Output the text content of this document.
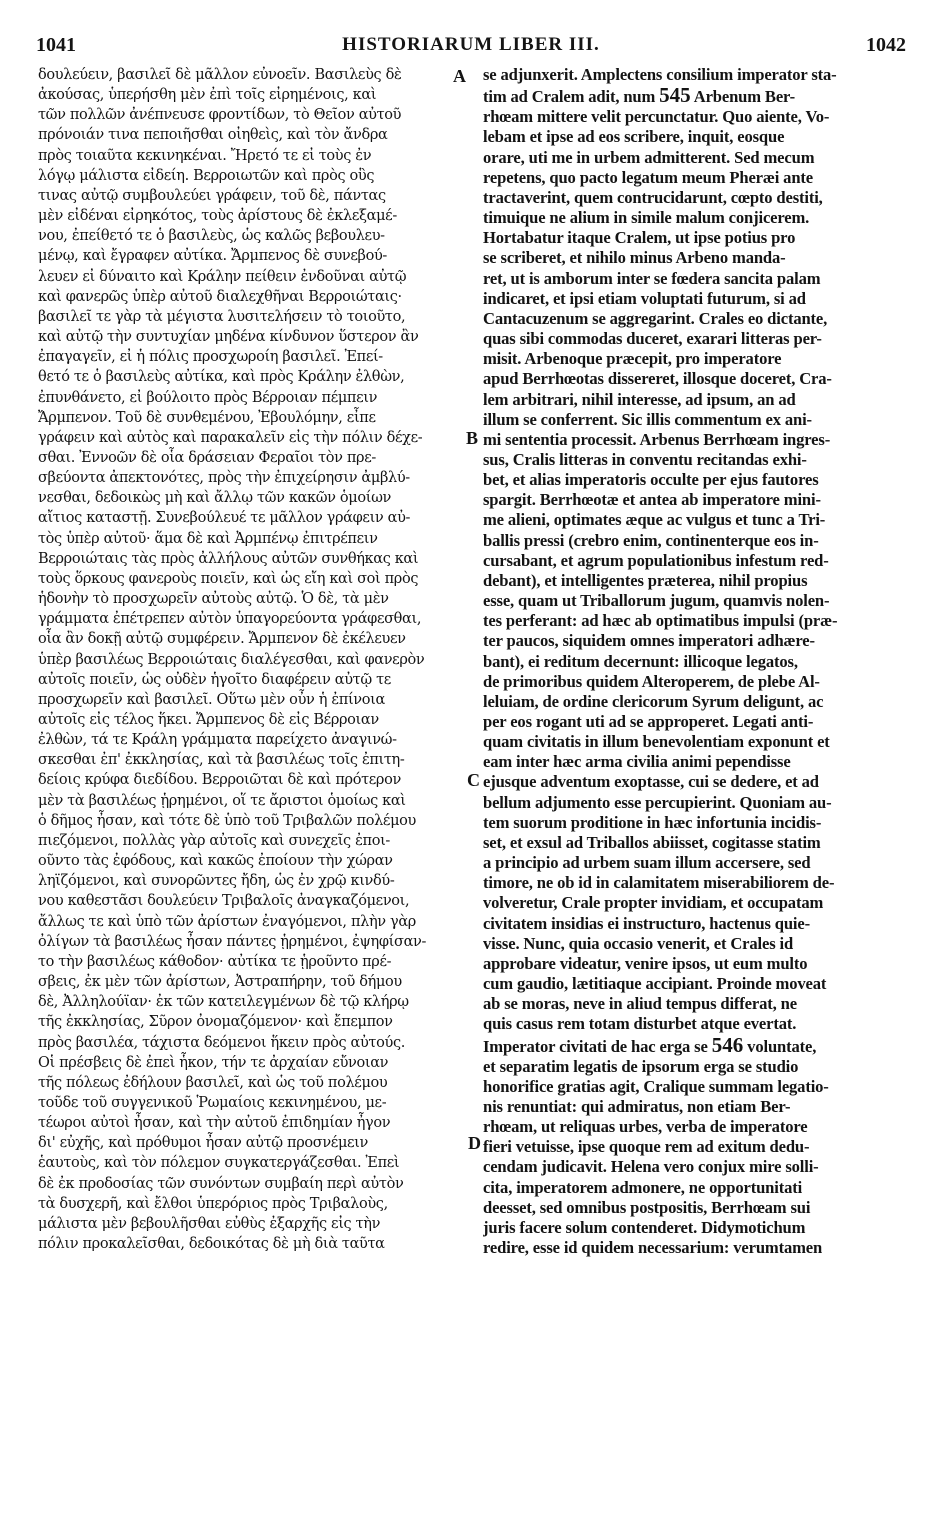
1041	HISTORIARUM LIBER III.	1042
δουλεύειν, βασιλεῖ δὲ μᾶλλον εὐνοεῖν. Βασιλεὺς δὲ
ἀκούσας, ὑπερήσθη μὲν ἐπὶ τοῖς εἰρημένοις, καὶ
τῶν πολλῶν ἀνέπνευσε φροντίδων, τὸ Θεῖον αὐτοῦ
πρόνοιάν τινα πεποιῆσθαι οἰηθεὶς, καὶ τὸν ἄνδρα
πρὸς τοιαῦτα κεκινηκέναι. Ἤρετό τε εἰ τοὺς ἐν
λόγῳ μάλιστα εἰδείη. Βερροιωτῶν καὶ πρὸς οὓς
τινας αὐτῷ συμβουλεύει γράφειν, τοῦ δὲ, πάντας
μὲν εἰδέναι εἰρηκότος, τοὺς ἀρίστους δὲ ἐκλεξαμέ-
νου, ἐπείθετό τε ὁ βασιλεὺς, ὡς καλῶς βεβουλευ-
μένῳ, καὶ ἔγραφεν αὐτίκα. Ἄρμπενος δὲ συνεβού-
λευεν εἰ δύναιτο καὶ Κράλην πείθειν ἐνδοῦναι αὐτῷ
καὶ φανερῶς ὑπὲρ αὐτοῦ διαλεχθῆναι Βερροιώταις·
βασιλεῖ τε γὰρ τὰ μέγιστα λυσιτελήσειν τὸ τοιοῦτο,
καὶ αὐτῷ τὴν συντυχίαν μηδένα κίνδυνον ὕστερον ἂν
ἐπαγαγεῖν, εἰ ἡ πόλις προσχωροίη βασιλεῖ. Ἐπεί-
θετό τε ὁ βασιλεὺς αὐτίκα, καὶ πρὸς Κράλην ἐλθὼν,
ἐπυνθάνετο, εἰ βούλοιτο πρὸς Βέρροιαν πέμπειν
Ἄρμπενον. Τοῦ δὲ συνθεμένου, Ἐβουλόμην, εἶπε
γράφειν καὶ αὐτὸς καὶ παρακαλεῖν εἰς τὴν πόλιν δέχε-
σθαι. Ἐννοῶν δὲ οἷα δράσειαν Φεραῖοι τὸν πρε-
σβεύοντα ἀπεκτονότες, πρὸς τὴν ἐπιχείρησιν ἀμβλύ-
νεσθαι, δεδοικὼς μὴ καὶ ἄλλῳ τῶν κακῶν ὁμοίων
αἴτιος καταστῇ. Συνεβούλευέ τε μᾶλλον γράφειν αὐ-
τὸς ὑπὲρ αὐτοῦ· ἅμα δὲ καὶ Ἀρμπένῳ ἐπιτρέπειν
Βερροιώταις τὰς πρὸς ἀλλήλους αὐτῶν συνθήκας καὶ
τοὺς ὅρκους φανεροὺς ποιεῖν, καὶ ὡς εἴη καὶ σοὶ πρὸς
ἡδονὴν τὸ προσχωρεῖν αὐτοὺς αὐτῷ. Ὁ δὲ, τὰ μὲν
γράμματα ἐπέτρεπεν αὐτὸν ὑπαγορεύοντα γράφεσθαι,
οἷα ἂν δοκῇ αὐτῷ συμφέρειν. Ἄρμπενον δὲ ἐκέλευεν
ὑπὲρ βασιλέως Βερροιώταις διαλέγεσθαι, καὶ φανερὸν
αὐτοῖς ποιεῖν, ὡς οὐδὲν ἡγοῖτο διαφέρειν αὐτῷ τε
προσχωρεῖν καὶ βασιλεῖ. Οὕτω μὲν οὖν ἡ ἐπίνοια
αὐτοῖς εἰς τέλος ἥκει. Ἄρμπενος δὲ εἰς Βέρροιαν
ἐλθὼν, τά τε Κράλη γράμματα παρείχετο ἀναγινώ-
σκεσθαι ἐπ' ἐκκλησίας, καὶ τὰ βασιλέως τοῖς ἐπιτη-
δείοις κρύφα διεδίδου. Βερροιῶται δὲ καὶ πρότερον
μὲν τὰ βασιλέως ᾑρημένοι, οἵ τε ἄριστοι ὁμοίως καὶ
ὁ δῆμος ἦσαν, καὶ τότε δὲ ὑπὸ τοῦ Τριβαλῶν πολέμου
πιεζόμενοι, πολλὰς γὰρ αὐτοῖς καὶ συνεχεῖς ἐποι-
οῦντο τὰς ἐφόδους, καὶ κακῶς ἐποίουν τὴν χώραν
ληϊζόμενοι, καὶ συνορῶντες ἤδη, ὡς ἐν χρῷ κινδύ-
νου καθεστᾶσι δουλεύειν Τριβαλοῖς ἀναγκαζόμενοι,
ἄλλως τε καὶ ὑπὸ τῶν ἀρίστων ἐναγόμενοι, πλὴν γὰρ
ὀλίγων τὰ βασιλέως ἦσαν πάντες ᾑρημένοι, ἐψηφίσαν-
το τὴν βασιλέως κάθοδον· αὐτίκα τε ᾑροῦντο πρέ-
σβεις, ἐκ μὲν τῶν ἀρίστων, Ἀστραπήρην, τοῦ δήμου
δὲ, Ἀλληλούϊαν· ἐκ τῶν κατειλεγμένων δὲ τῷ κλήρῳ
τῆς ἐκκλησίας, Σῦρον ὀνομαζόμενον· καὶ ἔπεμπον
πρὸς βασιλέα, τάχιστα δεόμενοι ἥκειν πρὸς αὐτούς.
Οἱ πρέσβεις δὲ ἐπεὶ ἧκον, τήν τε ἀρχαίαν εὔνοιαν
τῆς πόλεως ἐδήλουν βασιλεῖ, καὶ ὡς τοῦ πολέμου
τοῦδε τοῦ συγγενικοῦ Ῥωμαίοις κεκινημένου, με-
τέωροι αὐτοὶ ἦσαν, καὶ τὴν αὐτοῦ ἐπιδημίαν ἦγον
δι' εὐχῆς, καὶ πρόθυμοι ἦσαν αὐτῷ προσνέμειν
ἑαυτοὺς, καὶ τὸν πόλεμον συγκατεργάζεσθαι. Ἐπεὶ
δὲ ἐκ προδοσίας τῶν συνόντων συμβαίη περὶ αὐτὸν
τὰ δυσχερῆ, καὶ ἔλθοι ὑπερόριος πρὸς Τριβαλοὺς,
μάλιστα μὲν βεβουλῆσθαι εὐθὺς ἐξαρχῆς εἰς τὴν
πόλιν προκαλεῖσθαι, δεδοικότας δὲ μὴ διὰ ταῦτα
se adjunxerit. Amplectens consilium imperator sta-
tim ad Cralem adit, num 545 Arbenum Ber-
rhœam mittere velit percunctatur. Quo aiente, Vo-
lebam et ipse ad eos scribere, inquit, eosque
orare, uti me in urbem admitterent. Sed mecum
repetens, quo pacto legatum meum Pheræi ante
tractaverint, quem contrucidarunt, cœpto destiti,
timuique ne alium in simile malum conjicerem.
Hortabatur itaque Cralem, ut ipse potius pro
se scriberet, et nihilo minus Arbeno manda-
ret, ut is amborum inter se fœdera sancita palam
indicaret, et ipsi etiam voluptati futurum, si ad
Cantacuzenum se aggregarint. Crales eo dictante,
quas sibi commodas duceret, exarari litteras per-
misit. Arbenoque præcepit, pro imperatore
apud Berrhœotas dissereret, illosque doceret, Cra-
lem arbitrari, nihil interesse, ad ipsum, an ad
illum se conferrent. Sic illis commentum ex ani-
mi sententia processit. Arbenus Berrhœam ingres-
sus, Cralis litteras in conventu recitandas exhi-
bet, et alias imperatoris occulte per ejus fautores
spargit. Berrhœotæ et antea ab imperatore mini-
me alieni, optimates æque ac vulgus et tunc a Tri-
ballis pressi (crebro enim, continenterque eos in-
cursabant, et agrum populationibus infestum red-
debant), et intelligentes præterea, nihil propius
esse, quam ut Triballorum jugum, quamvis nolen-
tes perferant: ad hæc ab optimatibus impulsi (præ-
ter paucos, siquidem omnes imperatori adhære-
bant), ei reditum decernunt: illicoque legatos,
de primoribus quidem Alteroperem, de plebe Al-
leluiam, de ordine clericorum Syrum deligunt, ac
per eos rogant uti ad se approperet. Legati anti-
quam civitatis in illum benevolentiam exponunt et
eam inter hæc arma civilia animi pependisse
ejusque adventum exoptasse, cui se dedere, et ad
bellum adjumento esse percupierint. Quoniam au-
tem suorum proditione in hæc infortunia incidis-
set, et exsul ad Triballos abiisset, cogitasse statim
a principio ad urbem suam illum accersere, sed
timore, ne ob id in calamitatem miserabiliorem de-
volveretur, Crale propter invidiam, et occupatam
civitatem insidias ei instructuro, hactenus quie-
visse. Nunc, quia occasio venerit, et Crales id
approbare videatur, venire ipsos, ut eum multo
cum gaudio, lætitiaque accipiant. Proinde moveat
ab se moras, neve in aliud tempus differat, ne
quis casus rem totam disturbet atque evertat.
Imperator civitati de hac erga se 546 voluntate,
et separatim legatis de ipsorum erga se studio
honorifice gratias agit, Cralique summam legatio-
nis renuntiat: qui admiratus, non etiam Ber-
rhœam, ut reliquas urbes, verba de imperatore
fieri vetuisse, ipse quoque rem ad exitum dedu-
cendam judicavit. Helena vero conjux mire solli-
cita, imperatorem admonere, ne opportunitati
deesset, sed omnibus postpositis, Berrhœam sui
juris facere solum contenderet. Didymotichum
redire, esse id quidem necessarium: verumtamen
A
B
C
D
